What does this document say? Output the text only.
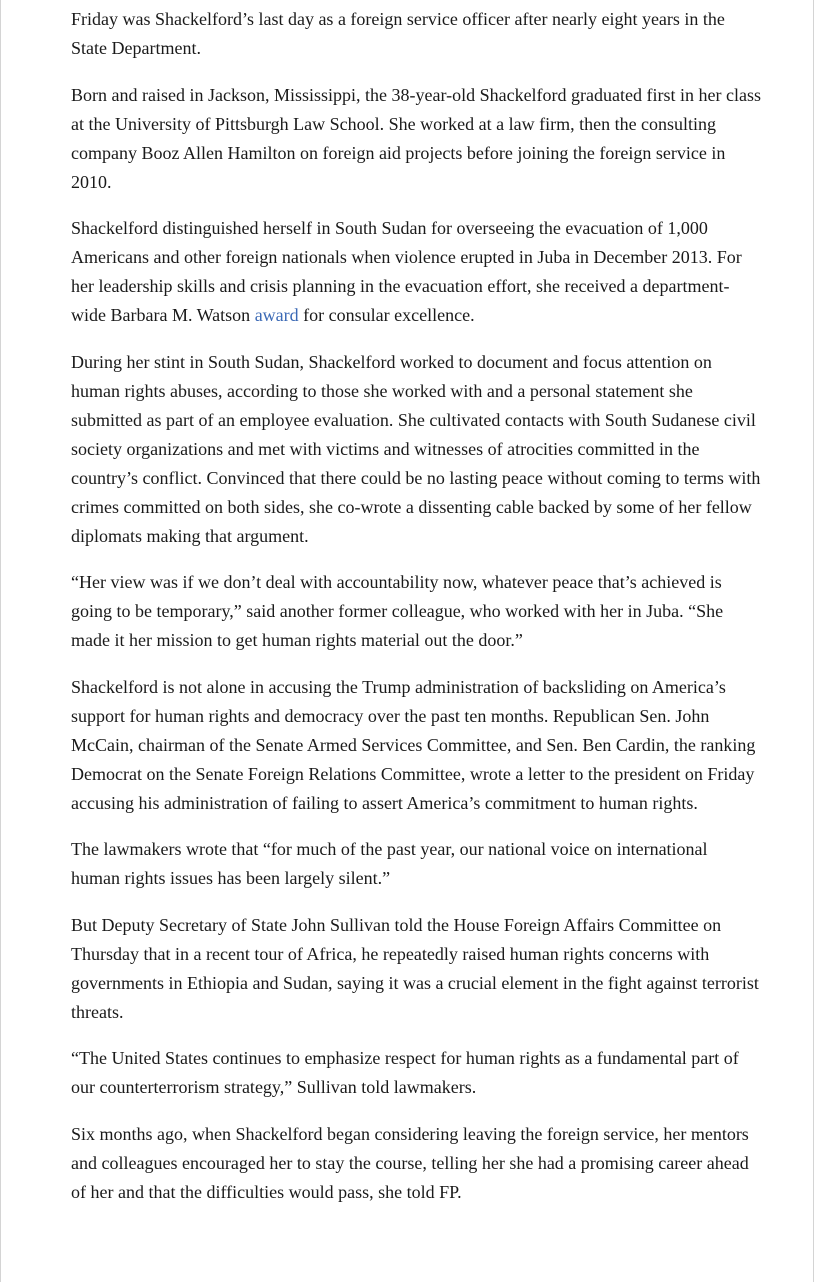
Friday was Shackelford’s last day as a foreign service officer after nearly eight years in the State Department.

Born and raised in Jackson, Mississippi, the 38-year-old Shackelford graduated first in her class at the University of Pittsburgh Law School. She worked at a law firm, then the consulting company Booz Allen Hamilton on foreign aid projects before joining the foreign service in 2010.

Shackelford distinguished herself in South Sudan for overseeing the evacuation of 1,000 Americans and other foreign nationals when violence erupted in Juba in December 2013. For her leadership skills and crisis planning in the evacuation effort, she received a department-wide Barbara M. Watson award for consular excellence.

During her stint in South Sudan, Shackelford worked to document and focus attention on human rights abuses, according to those she worked with and a personal statement she submitted as part of an employee evaluation. She cultivated contacts with South Sudanese civil society organizations and met with victims and witnesses of atrocities committed in the country’s conflict. Convinced that there could be no lasting peace without coming to terms with crimes committed on both sides, she co-wrote a dissenting cable backed by some of her fellow diplomats making that argument.

“Her view was if we don’t deal with accountability now, whatever peace that’s achieved is going to be temporary,” said another former colleague, who worked with her in Juba. “She made it her mission to get human rights material out the door.”

Shackelford is not alone in accusing the Trump administration of backsliding on America’s support for human rights and democracy over the past ten months. Republican Sen. John McCain, chairman of the Senate Armed Services Committee, and Sen. Ben Cardin, the ranking Democrat on the Senate Foreign Relations Committee, wrote a letter to the president on Friday accusing his administration of failing to assert America’s commitment to human rights.

The lawmakers wrote that “for much of the past year, our national voice on international human rights issues has been largely silent.”

But Deputy Secretary of State John Sullivan told the House Foreign Affairs Committee on Thursday that in a recent tour of Africa, he repeatedly raised human rights concerns with governments in Ethiopia and Sudan, saying it was a crucial element in the fight against terrorist threats.

“The United States continues to emphasize respect for human rights as a fundamental part of our counterterrorism strategy,” Sullivan told lawmakers.

Six months ago, when Shackelford began considering leaving the foreign service, her mentors and colleagues encouraged her to stay the course, telling her she had a promising career ahead of her and that the difficulties would pass, she told FP.
